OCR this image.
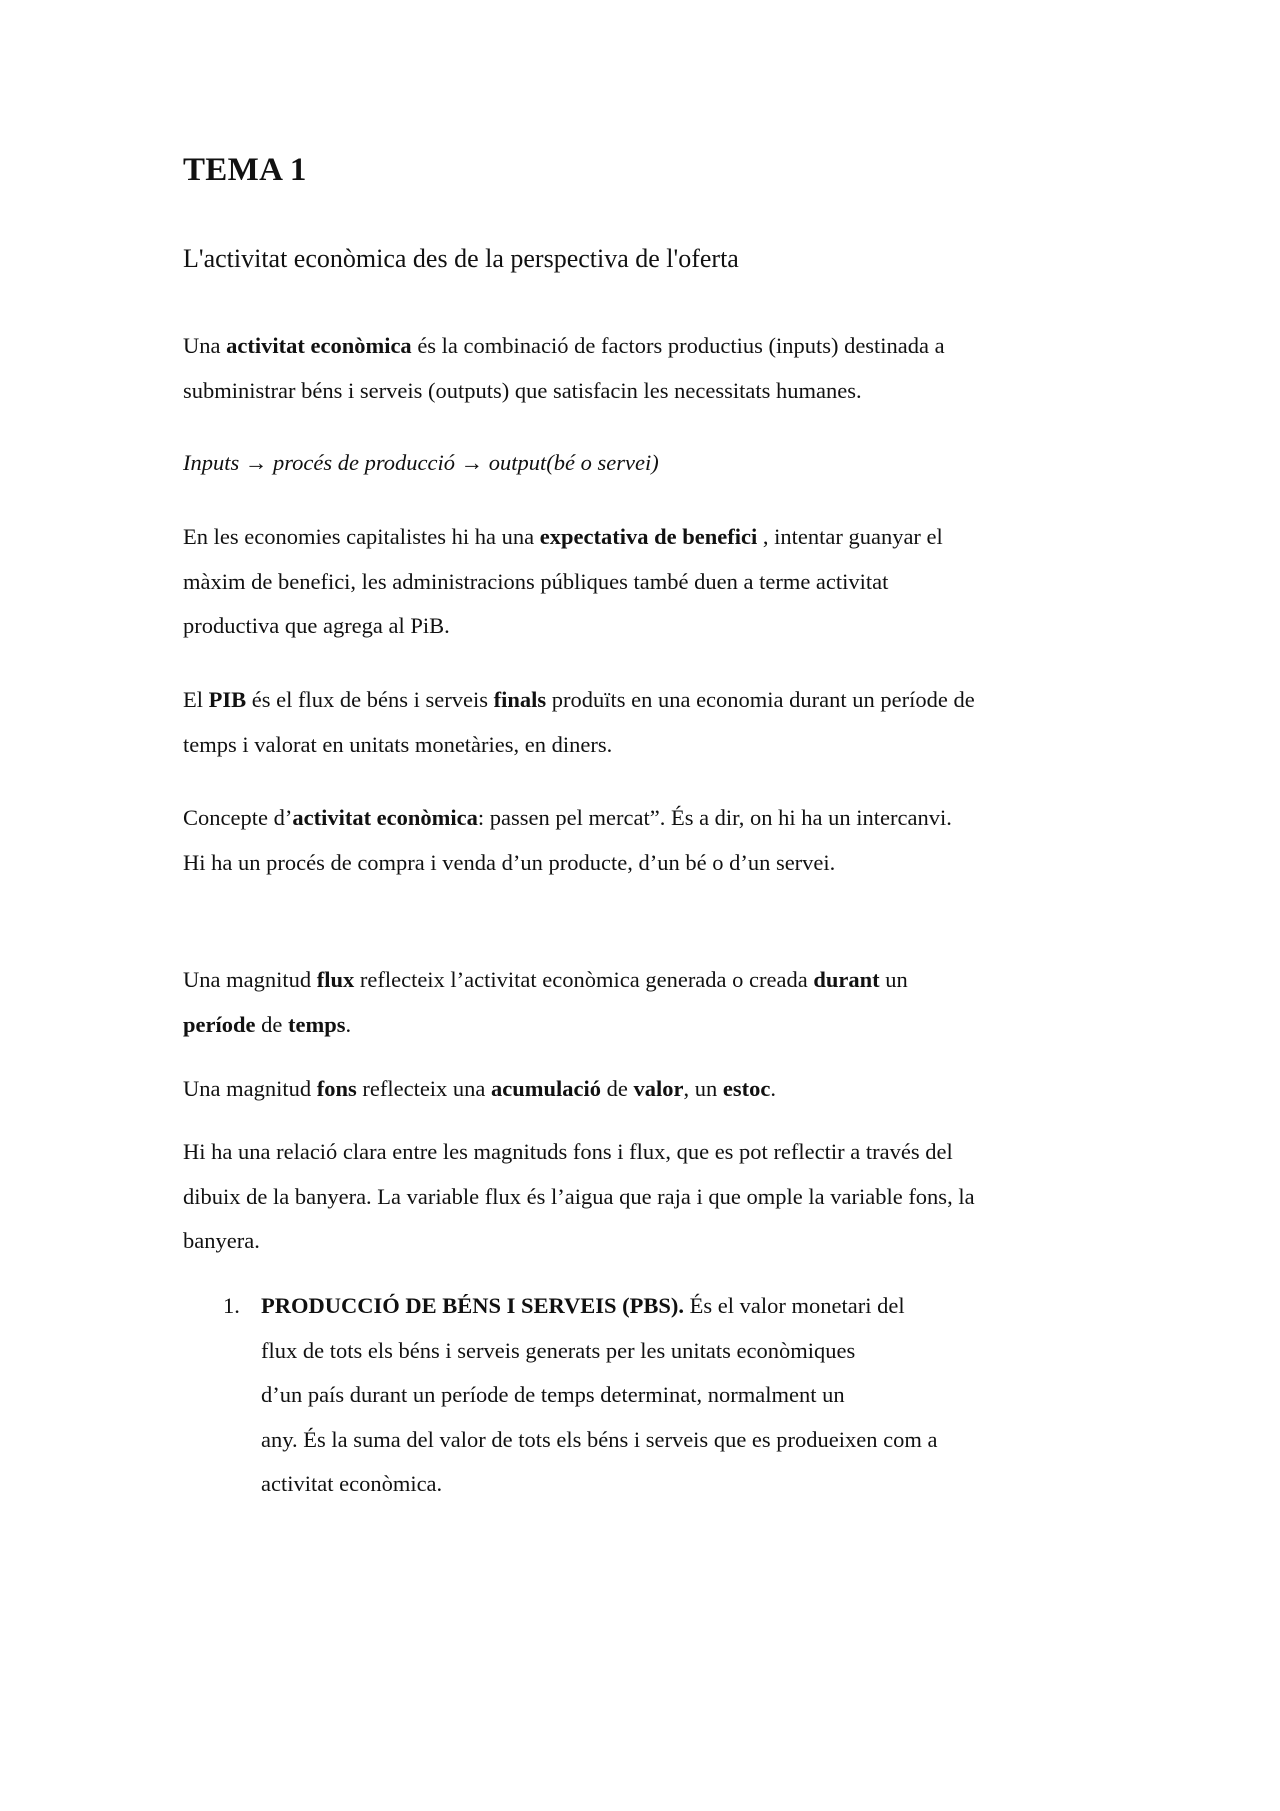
TEMA 1
L'activitat econòmica des de la perspectiva de l'oferta

Una activitat econòmica és la combinació de factors productius (inputs) destinada a
subministrar béns i serveis (outputs) que satisfacin les necessitats humanes.

Inputs → procés de producció → output(bé o servei)

En les economies capitalistes hi ha una expectativa de benefici , intentar guanyar el
màxim de benefici, les administracions públiques també duen a terme activitat
productiva que agrega al PiB.

El PIB és el flux de béns i serveis finals produïts en una economia durant un període de
temps i valorat en unitats monetàries, en diners.

Concepte d’activitat econòmica: passen pel mercat”. És a dir, on hi ha un intercanvi.
Hi ha un procés de compra i venda d’un producte, d’un bé o d’un servei.

Una magnitud flux reflecteix l’activitat econòmica generada o creada durant un
període de temps.

Una magnitud fons reflecteix una acumulació de valor, un estoc.

Hi ha una relació clara entre les magnituds fons i flux, que es pot reflectir a través del
dibuix de la banyera. La variable flux és l’aigua que raja i que omple la variable fons, la
banyera.

1. PRODUCCIÓ DE BÉNS I SERVEIS (PBS). És el valor monetari del
flux de tots els béns i serveis generats per les unitats econòmiques
d’un país durant un període de temps determinat, normalment un
any. És la suma del valor de tots els béns i serveis que es produeixen com a
activitat econòmica.
